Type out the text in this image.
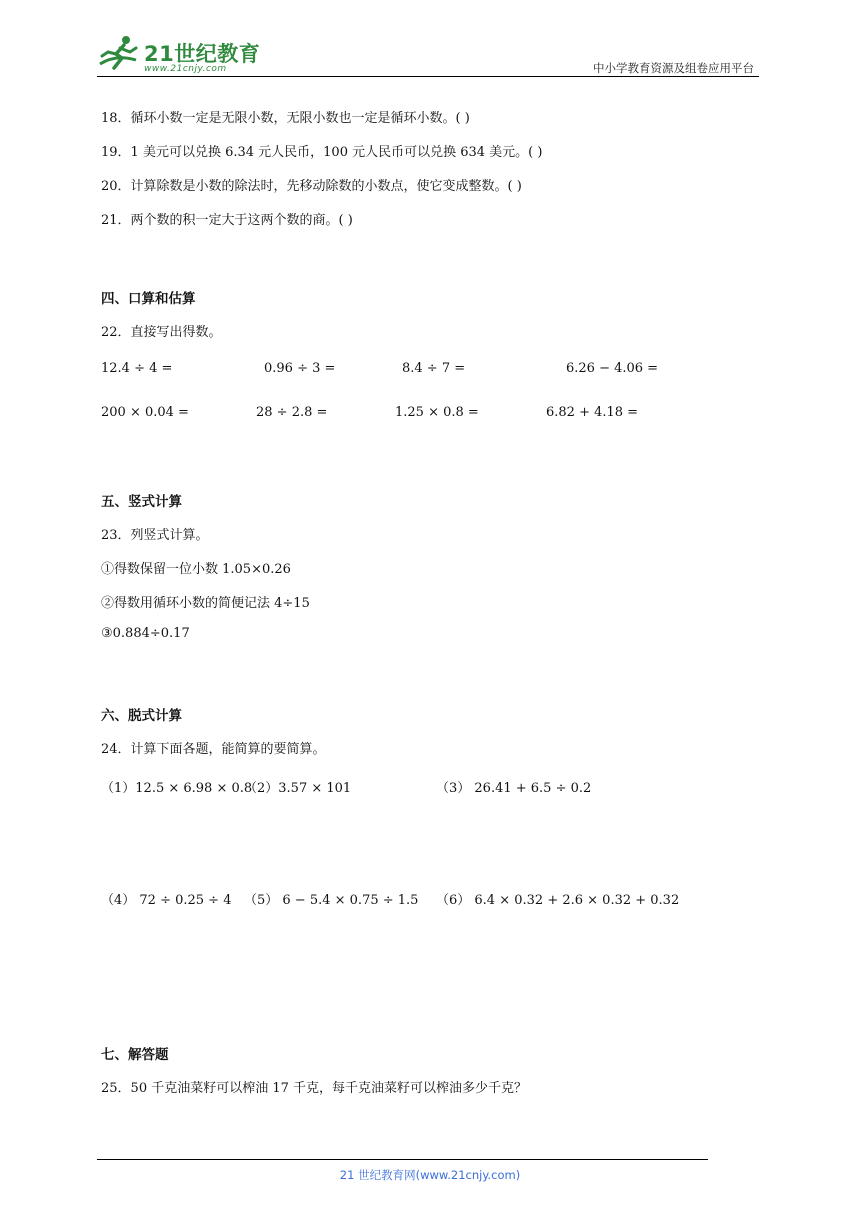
21世纪教育
www.21cnjy.com	中小学教育资源及组卷应用平台
18．循环小数一定是无限小数，无限小数也一定是循环小数。( )
19．1 美元可以兑换 6.34 元人民币，100 元人民币可以兑换 634 美元。( )
20．计算除数是小数的除法时，先移动除数的小数点，使它变成整数。( )
21．两个数的积一定大于这两个数的商。( )
四、口算和估算
22．直接写出得数。
12.4 ÷ 4 =	0.96 ÷ 3 =	8.4 ÷ 7 =	6.26 − 4.06 =
200 × 0.04 =	28 ÷ 2.8 =	1.25 × 0.8 =	6.82 + 4.18 =
五、竖式计算
23．列竖式计算。
①得数保留一位小数 1.05×0.26
②得数用循环小数的简便记法 4÷15
③0.884÷0.17
六、脱式计算
24．计算下面各题，能简算的要简算。
（1）12.5 × 6.98 × 0.8
（2）3.57 × 101	（3） 26.41 + 6.5 ÷ 0.2
（4） 72 ÷ 0.25 ÷ 4 （5） 6 − 5.4 × 0.75 ÷ 1.5 （6） 6.4 × 0.32 + 2.6 × 0.32 + 0.32
七、解答题
25．50 千克油菜籽可以榨油 17 千克，每千克油菜籽可以榨油多少千克？
21 世纪教育网(www.21cnjy.com)
